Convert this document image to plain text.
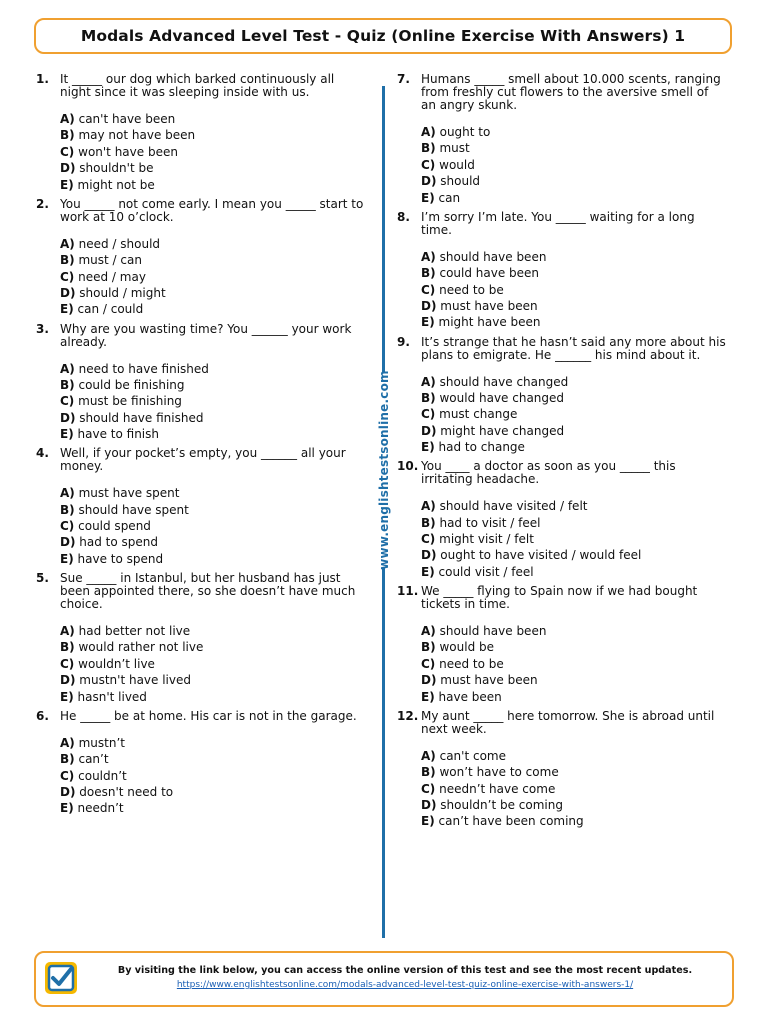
Modals Advanced Level Test - Quiz (Online Exercise With Answers) 1
www.englishtestsonline.com
1. It _____ our dog which barked continuously all night since it was sleeping inside with us.
A) can't have been
B) may not have been
C) won't have been
D) shouldn't be
E) might not be
2. You _____ not come early. I mean you _____ start to work at 10 o’clock.
A) need / should
B) must / can
C) need / may
D) should / might
E) can / could
3. Why are you wasting time? You ______ your work already.
A) need to have finished
B) could be finishing
C) must be finishing
D) should have finished
E) have to finish
4. Well, if your pocket’s empty, you ______ all your money.
A) must have spent
B) should have spent
C) could spend
D) had to spend
E) have to spend
5. Sue _____ in Istanbul, but her husband has just been appointed there, so she doesn’t have much choice.
A) had better not live
B) would rather not live
C) wouldn’t live
D) mustn't have lived
E) hasn't lived
6. He _____ be at home. His car is not in the garage.
A) mustn’t
B) can’t
C) couldn’t
D) doesn't need to
E) needn’t
7. Humans _____ smell about 10.000 scents, ranging from freshly cut flowers to the aversive smell of an angry skunk.
A) ought to
B) must
C) would
D) should
E) can
8. I’m sorry I’m late. You _____ waiting for a long time.
A) should have been
B) could have been
C) need to be
D) must have been
E) might have been
9. It’s strange that he hasn’t said any more about his plans to emigrate. He ______ his mind about it.
A) should have changed
B) would have changed
C) must change
D) might have changed
E) had to change
10. You ____ a doctor as soon as you _____ this irritating headache.
A) should have visited / felt
B) had to visit / feel
C) might visit / felt
D) ought to have visited / would feel
E) could visit / feel
11. We _____ flying to Spain now if we had bought tickets in time.
A) should have been
B) would be
C) need to be
D) must have been
E) have been
12. My aunt _____ here tomorrow. She is abroad until next week.
A) can't come
B) won’t have to come
C) needn’t have come
D) shouldn’t be coming
E) can’t have been coming
By visiting the link below, you can access the online version of this test and see the most recent updates.
https://www.englishtestsonline.com/modals-advanced-level-test-quiz-online-exercise-with-answers-1/
